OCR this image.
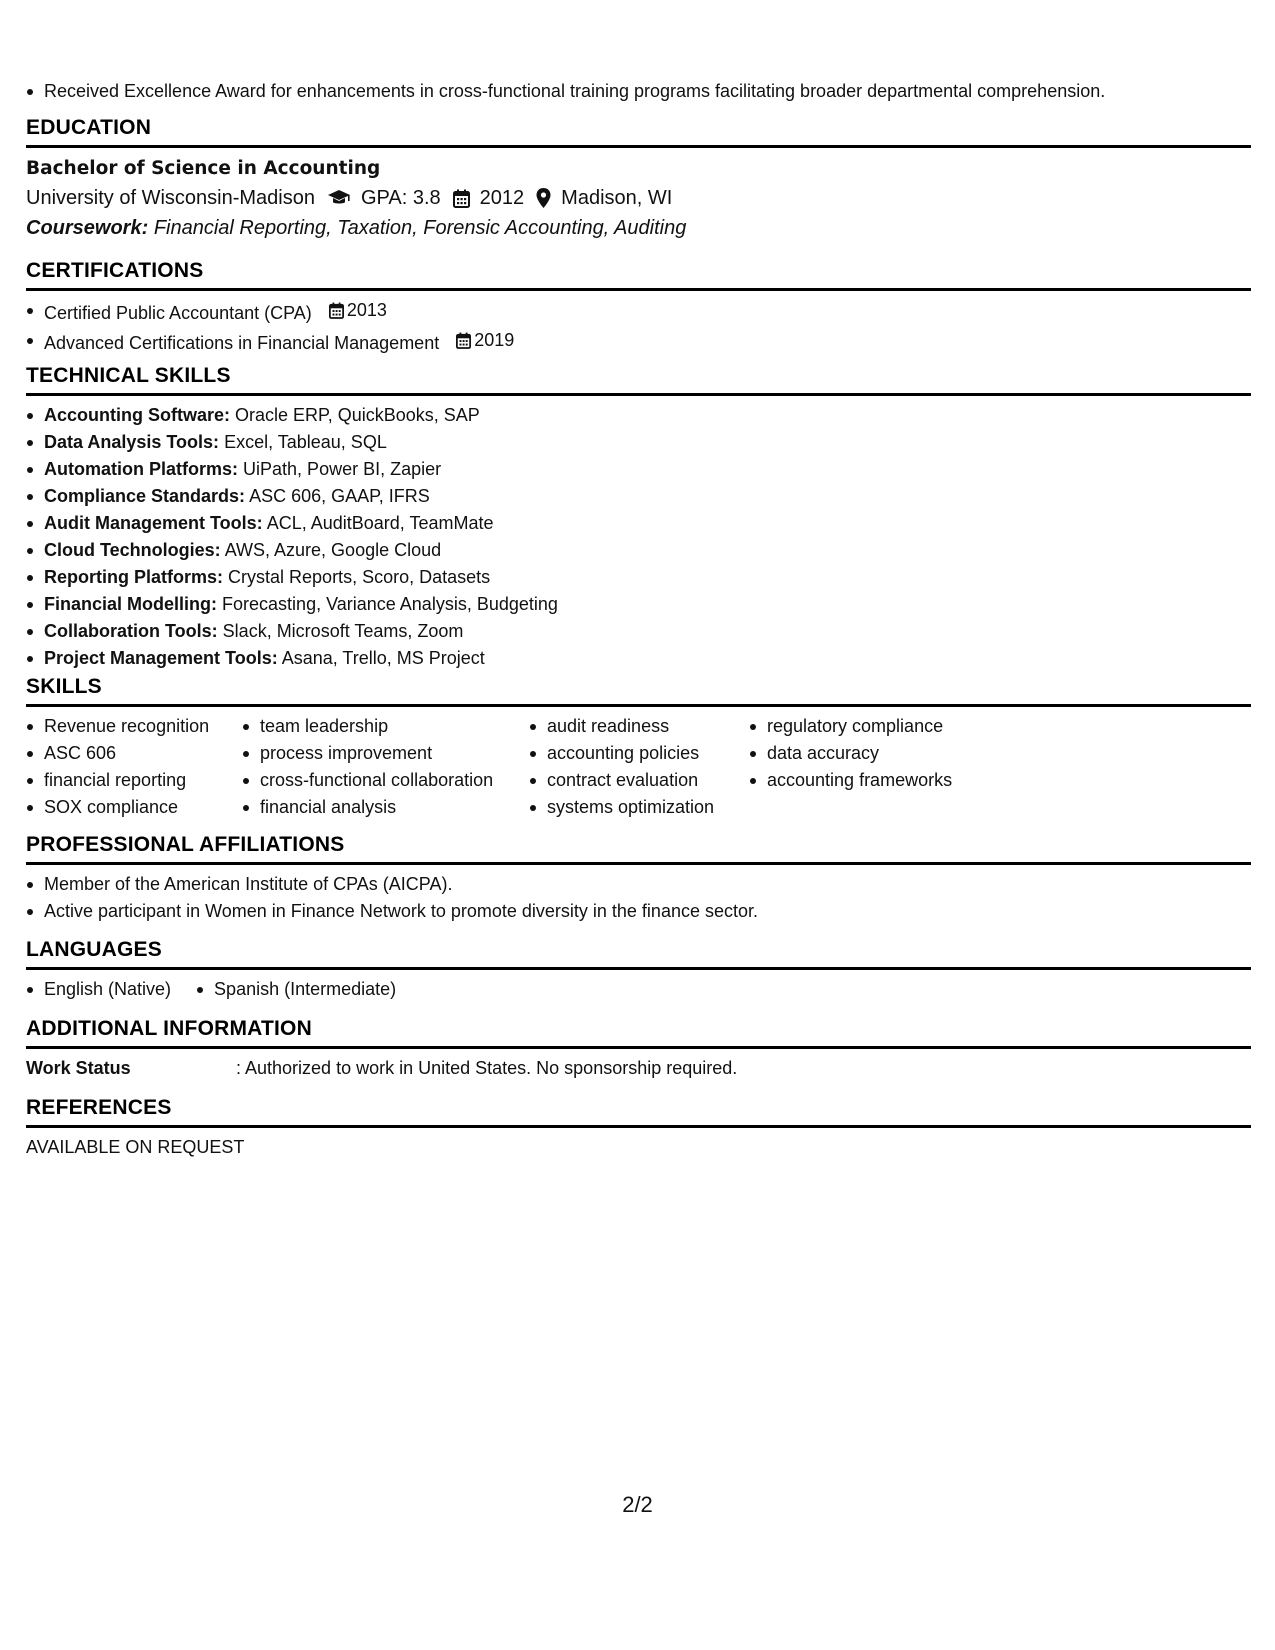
Received Excellence Award for enhancements in cross-functional training programs facilitating broader departmental comprehension.
EDUCATION
Bachelor of Science in Accounting
University of Wisconsin-Madison GPA: 3.8 2012 Madison, WI
Coursework: Financial Reporting, Taxation, Forensic Accounting, Auditing
CERTIFICATIONS
Certified Public Accountant (CPA) 2013
Advanced Certifications in Financial Management 2019
TECHNICAL SKILLS
Accounting Software: Oracle ERP, QuickBooks, SAP
Data Analysis Tools: Excel, Tableau, SQL
Automation Platforms: UiPath, Power BI, Zapier
Compliance Standards: ASC 606, GAAP, IFRS
Audit Management Tools: ACL, AuditBoard, TeamMate
Cloud Technologies: AWS, Azure, Google Cloud
Reporting Platforms: Crystal Reports, Scoro, Datasets
Financial Modelling: Forecasting, Variance Analysis, Budgeting
Collaboration Tools: Slack, Microsoft Teams, Zoom
Project Management Tools: Asana, Trello, MS Project
SKILLS
Revenue recognition
ASC 606
financial reporting
SOX compliance
team leadership
process improvement
cross-functional collaboration
financial analysis
audit readiness
accounting policies
contract evaluation
systems optimization
regulatory compliance
data accuracy
accounting frameworks
PROFESSIONAL AFFILIATIONS
Member of the American Institute of CPAs (AICPA).
Active participant in Women in Finance Network to promote diversity in the finance sector.
LANGUAGES
English (Native)	Spanish (Intermediate)
ADDITIONAL INFORMATION
Work Status	: Authorized to work in United States. No sponsorship required.
REFERENCES
AVAILABLE ON REQUEST
2/2
